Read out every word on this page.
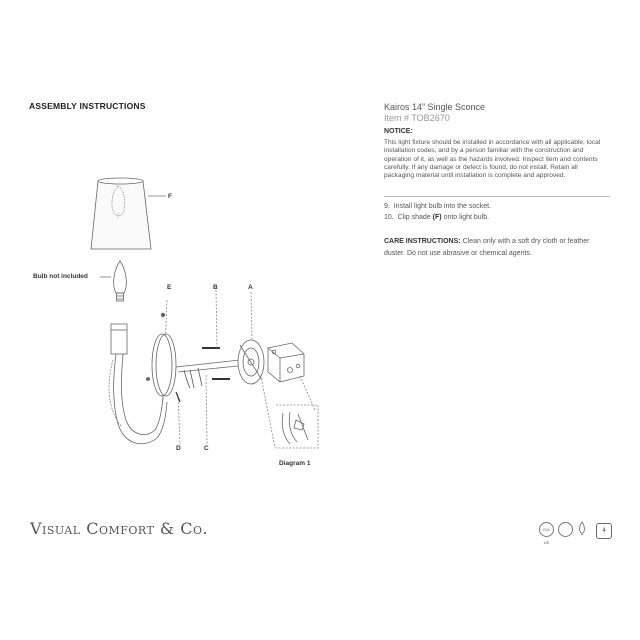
ASSEMBLY INSTRUCTIONS	Kairos 14” Single Sconce
Item # TOB2670
NOTICE:
This light fixture should be installed in accordance with all applicable, local installation codes, and by a person familiar with the construction and operation of it, as well as the hazards involved. Inspect item and contents carefully. If any damage or defect is found, do not install. Retain all packaging material until installation is complete and approved.
9. Install light bulb into the socket.
10. Clip shade (F) onto light bulb.
CARE INSTRUCTIONS: Clean only with a soft dry cloth or feather duster. Do not use abrasive or chemical agents.
F
Bulb not included
E	B	A
D	C
Diagram 1
Visual Comfort & Co.	CUL US
4
